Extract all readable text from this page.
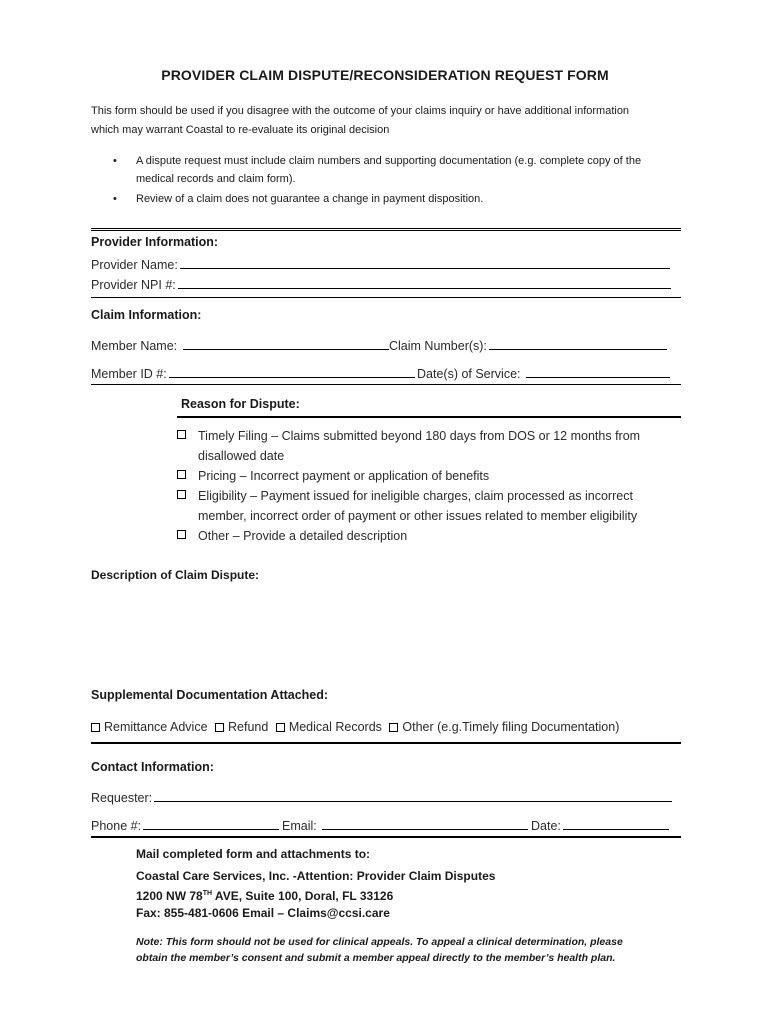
PROVIDER CLAIM DISPUTE/RECONSIDERATION REQUEST FORM
This form should be used if you disagree with the outcome of your claims inquiry or have additional information
which may warrant Coastal to re-evaluate its original decision
• A dispute request must include claim numbers and supporting documentation (e.g. complete copy of the
medical records and claim form).
• Review of a claim does not guarantee a change in payment disposition.
Provider Information:
Provider Name:
Provider NPI #:
Claim Information:
Member Name:	Claim Number(s):
Member ID #:	Date(s) of Service:
Reason for Dispute:
Timely Filing – Claims submitted beyond 180 days from DOS or 12 months from
disallowed date
Pricing – Incorrect payment or application of benefits
Eligibility – Payment issued for ineligible charges, claim processed as incorrect
member, incorrect order of payment or other issues related to member eligibility
Other – Provide a detailed description
Description of Claim Dispute:
Supplemental Documentation Attached:
Remittance Advice Refund Medical Records Other (e.g.Timely filing Documentation)
Contact Information:
Requester:
Phone #:	Email:	Date:
Mail completed form and attachments to:
Coastal Care Services, Inc. -Attention: Provider Claim Disputes
1200 NW 78TH AVE, Suite 100, Doral, FL 33126
Fax: 855-481-0606 Email – Claims@ccsi.care
Note: This form should not be used for clinical appeals. To appeal a clinical determination, please
obtain the member’s consent and submit a member appeal directly to the member’s health plan.
